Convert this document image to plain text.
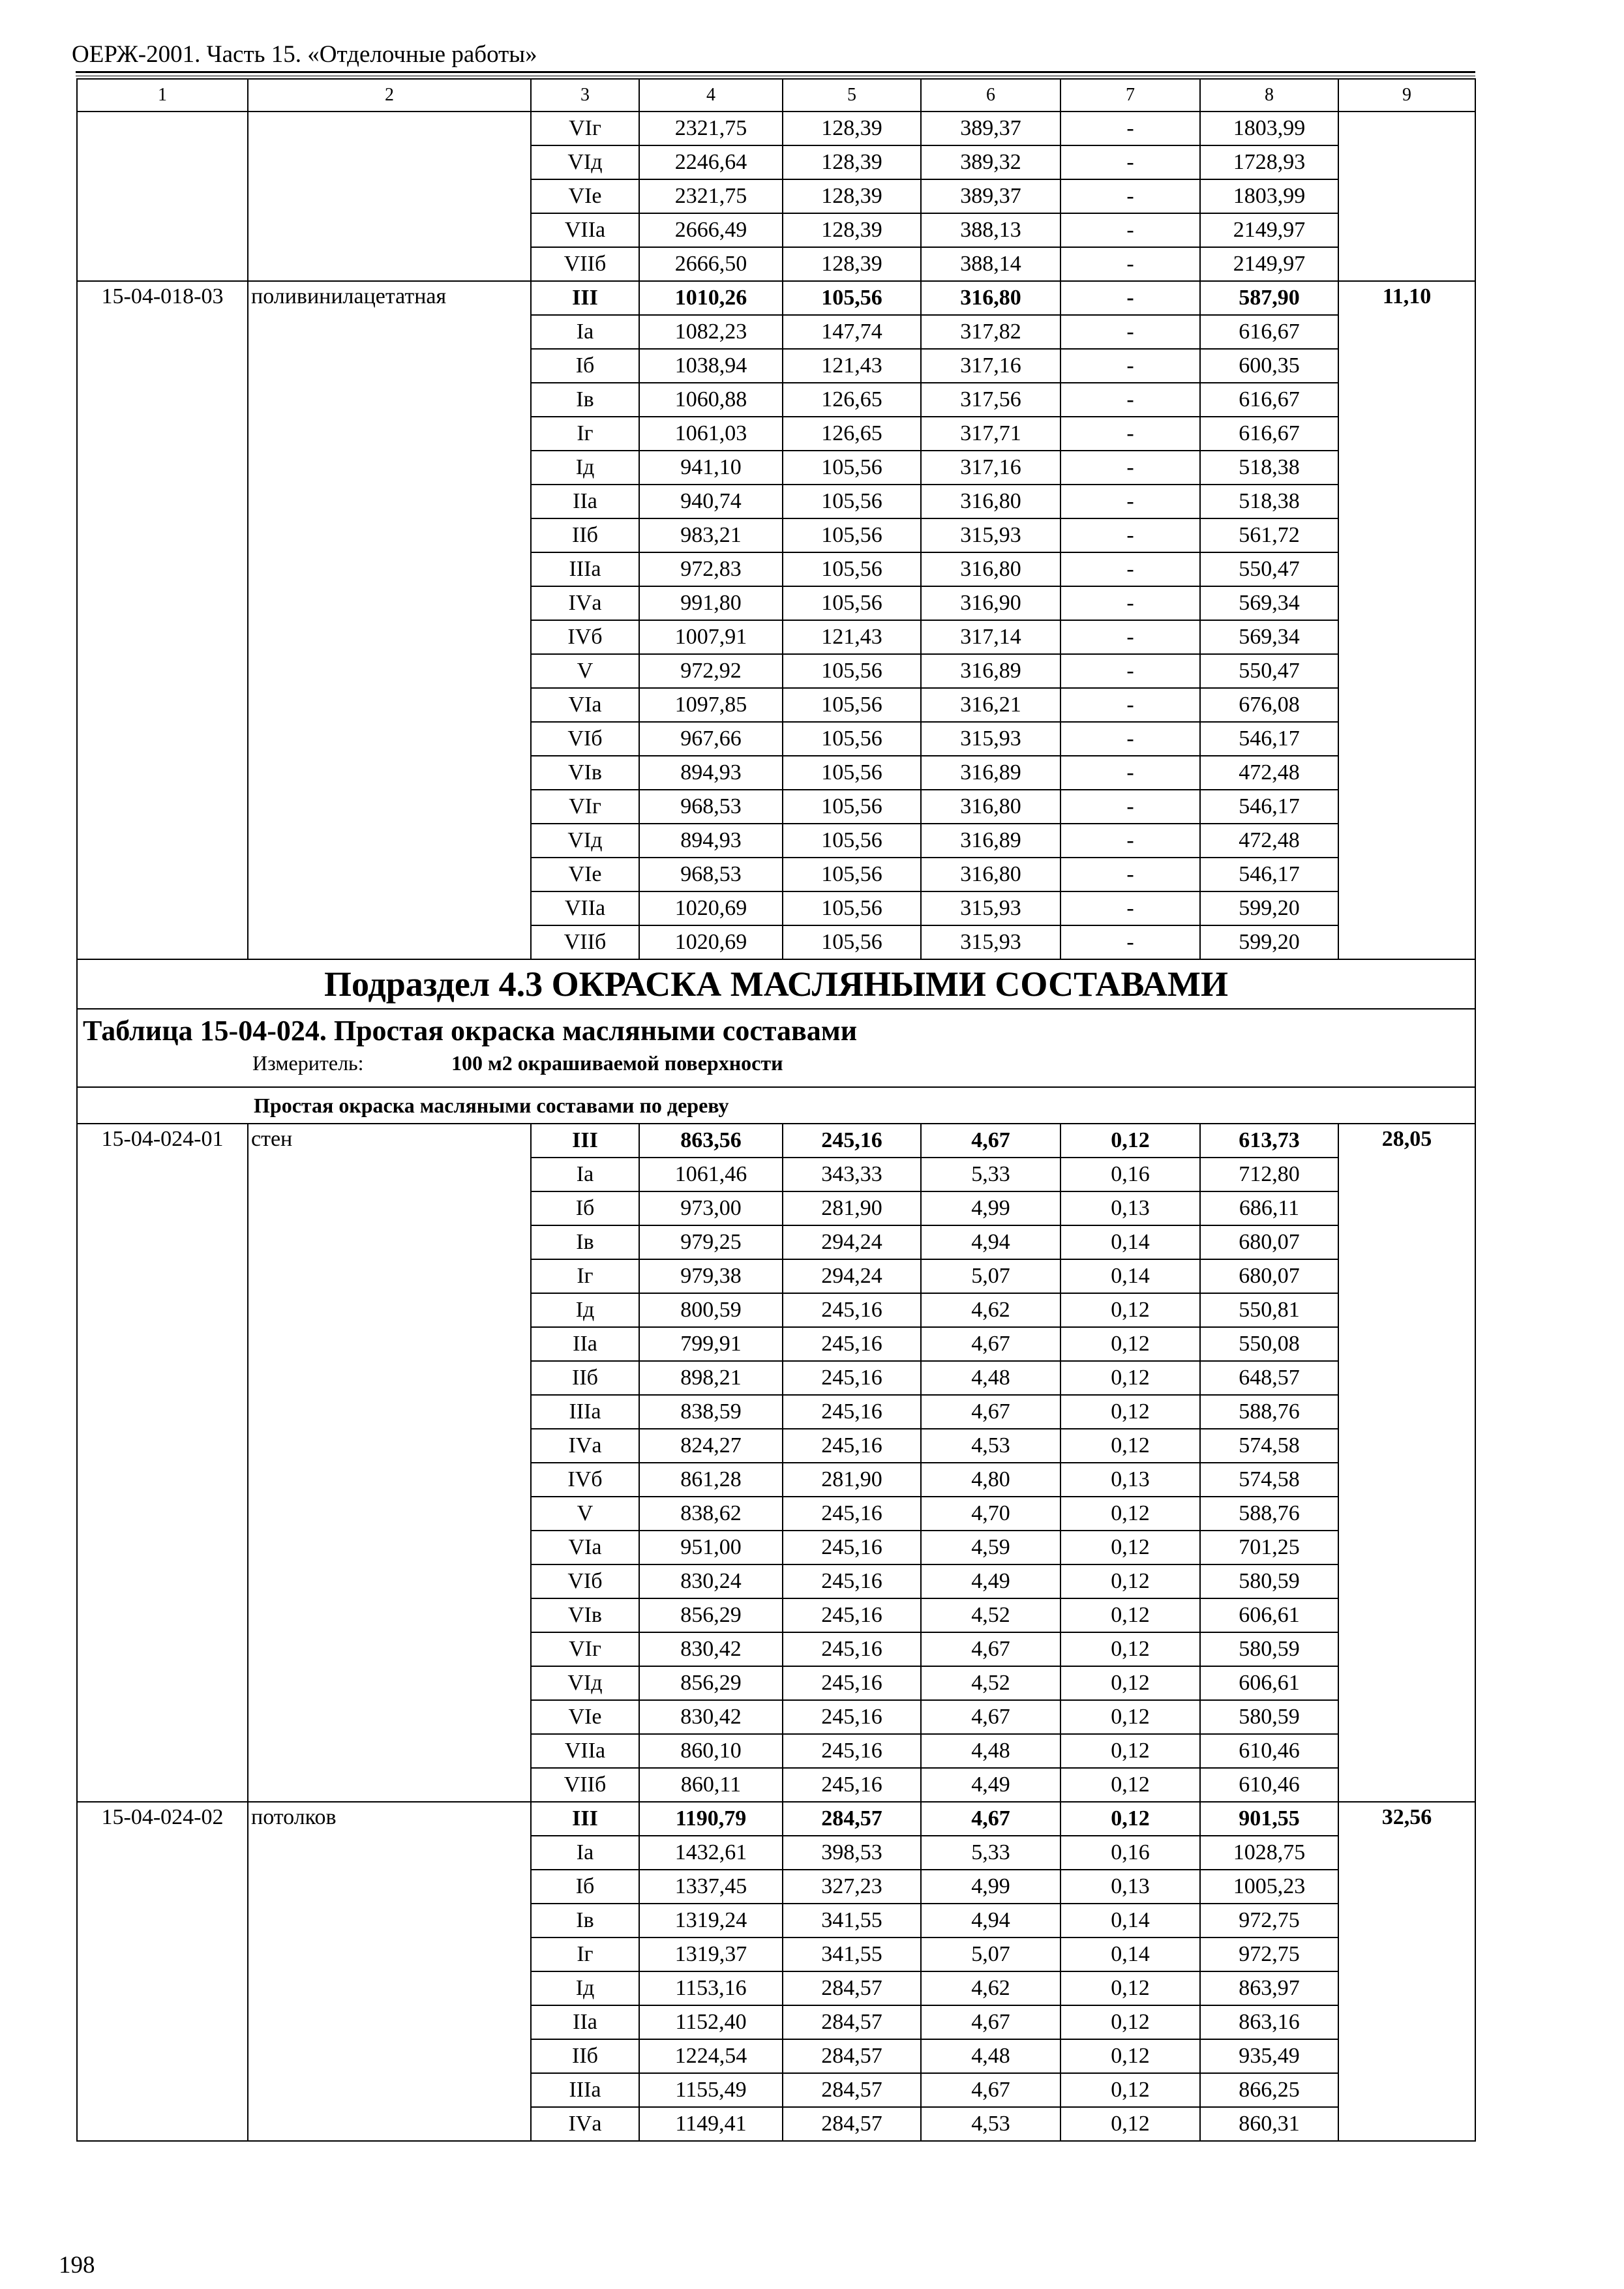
ОЕРЖ-2001. Часть 15. «Отделочные работы»
1	2	3	4	5	6	7	8	9
		VIг	2321,75	128,39	389,37	-	1803,99	
		VIд	2246,64	128,39	389,32	-	1728,93	
		VIе	2321,75	128,39	389,37	-	1803,99	
		VIIа	2666,49	128,39	388,13	-	2149,97	
		VIIб	2666,50	128,39	388,14	-	2149,97	
15-04-018-03	поливинилацетатная	III	1010,26	105,56	316,80	-	587,90	11,10
		Iа	1082,23	147,74	317,82	-	616,67	
		Iб	1038,94	121,43	317,16	-	600,35	
		Iв	1060,88	126,65	317,56	-	616,67	
		Iг	1061,03	126,65	317,71	-	616,67	
		Iд	941,10	105,56	317,16	-	518,38	
		IIа	940,74	105,56	316,80	-	518,38	
		IIб	983,21	105,56	315,93	-	561,72	
		IIIа	972,83	105,56	316,80	-	550,47	
		IVа	991,80	105,56	316,90	-	569,34	
		IVб	1007,91	121,43	317,14	-	569,34	
		V	972,92	105,56	316,89	-	550,47	
		VIа	1097,85	105,56	316,21	-	676,08	
		VIб	967,66	105,56	315,93	-	546,17	
		VIв	894,93	105,56	316,89	-	472,48	
		VIг	968,53	105,56	316,80	-	546,17	
		VIд	894,93	105,56	316,89	-	472,48	
		VIе	968,53	105,56	316,80	-	546,17	
		VIIа	1020,69	105,56	315,93	-	599,20	
		VIIб	1020,69	105,56	315,93	-	599,20	
Подраздел 4.3 ОКРАСКА МАСЛЯНЫМИ СОСТАВАМИ								

Таблица 15-04-024. Простая окраска масляными составами
Измеритель: 100 м2 окрашиваемой поверхности								

Простая окраска масляными составами по дереву								
15-04-024-01	стен	III	863,56	245,16	4,67	0,12	613,73	28,05
		Iа	1061,46	343,33	5,33	0,16	712,80	
		Iб	973,00	281,90	4,99	0,13	686,11	
		Iв	979,25	294,24	4,94	0,14	680,07	
		Iг	979,38	294,24	5,07	0,14	680,07	
		Iд	800,59	245,16	4,62	0,12	550,81	
		IIа	799,91	245,16	4,67	0,12	550,08	
		IIб	898,21	245,16	4,48	0,12	648,57	
		IIIа	838,59	245,16	4,67	0,12	588,76	
		IVа	824,27	245,16	4,53	0,12	574,58	
		IVб	861,28	281,90	4,80	0,13	574,58	
		V	838,62	245,16	4,70	0,12	588,76	
		VIа	951,00	245,16	4,59	0,12	701,25	
		VIб	830,24	245,16	4,49	0,12	580,59	
		VIв	856,29	245,16	4,52	0,12	606,61	
		VIг	830,42	245,16	4,67	0,12	580,59	
		VIд	856,29	245,16	4,52	0,12	606,61	
		VIе	830,42	245,16	4,67	0,12	580,59	
		VIIа	860,10	245,16	4,48	0,12	610,46	
		VIIб	860,11	245,16	4,49	0,12	610,46	
15-04-024-02	потолков	III	1190,79	284,57	4,67	0,12	901,55	32,56
		Iа	1432,61	398,53	5,33	0,16	1028,75	
		Iб	1337,45	327,23	4,99	0,13	1005,23	
		Iв	1319,24	341,55	4,94	0,14	972,75	
		Iг	1319,37	341,55	5,07	0,14	972,75	
		Iд	1153,16	284,57	4,62	0,12	863,97	
		IIа	1152,40	284,57	4,67	0,12	863,16	
		IIб	1224,54	284,57	4,48	0,12	935,49	
		IIIа	1155,49	284,57	4,67	0,12	866,25	
		IVа	1149,41	284,57	4,53	0,12	860,31	
198
